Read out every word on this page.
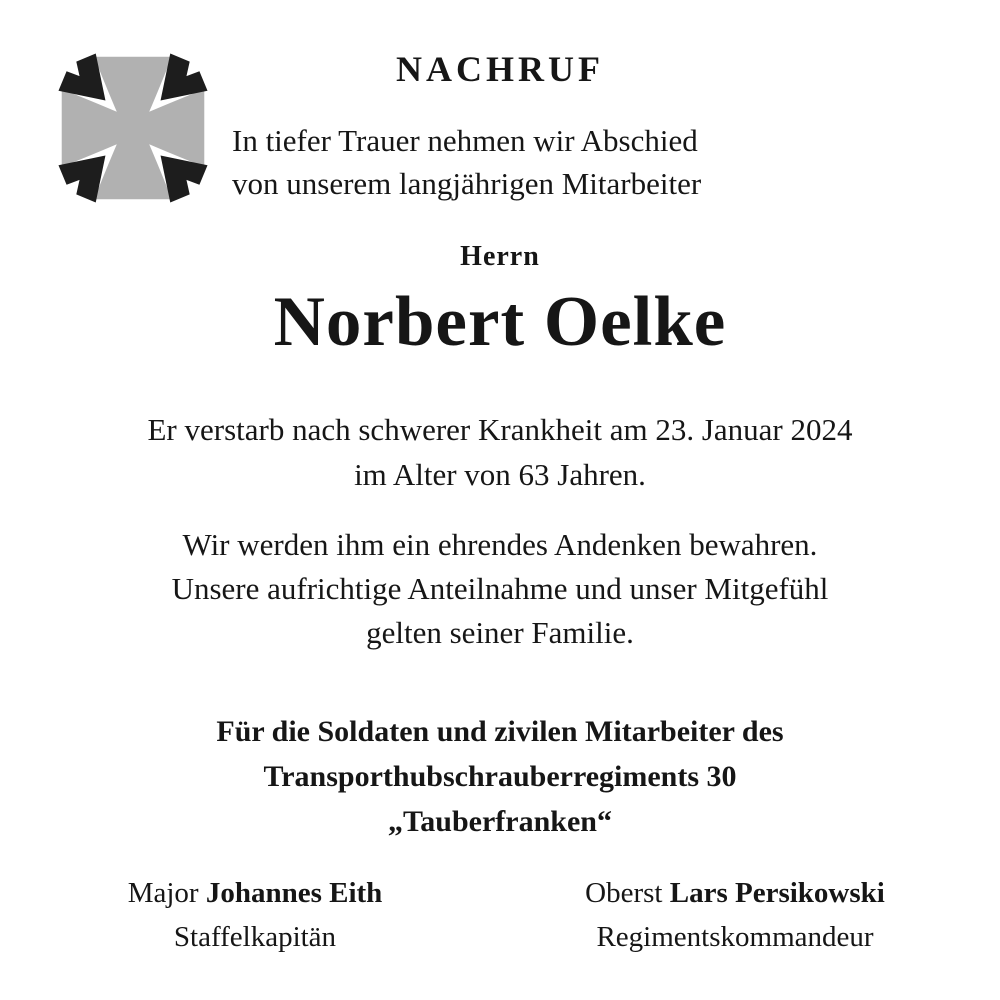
NACHRUF
In tiefer Trauer nehmen wir Abschied
von unserem langjährigen Mitarbeiter
Herrn
Norbert Oelke
Er verstarb nach schwerer Krankheit am 23. Januar 2024
im Alter von 63 Jahren.
Wir werden ihm ein ehrendes Andenken bewahren.
Unsere aufrichtige Anteilnahme und unser Mitgefühl
gelten seiner Familie.
Für die Soldaten und zivilen Mitarbeiter des
Transporthubschrauberregiments 30
„Tauberfranken“
Major Johannes Eith
Staffelkapitän
Oberst Lars Persikowski
Regimentskommandeur
